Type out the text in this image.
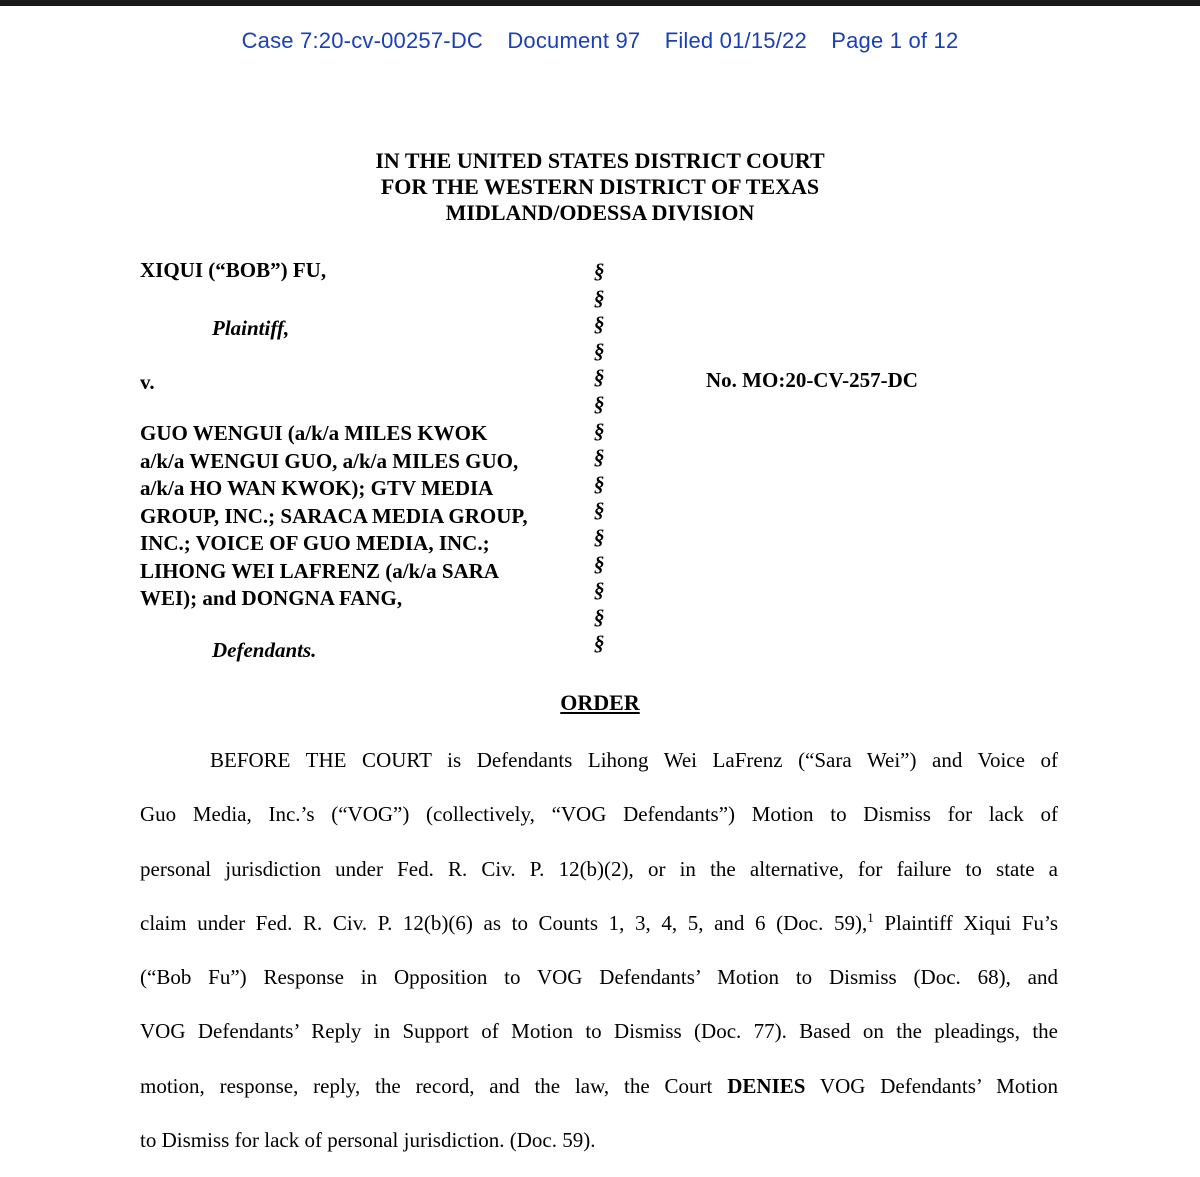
Case 7:20-cv-00257-DC Document 97 Filed 01/15/22 Page 1 of 12
IN THE UNITED STATES DISTRICT COURT
FOR THE WESTERN DISTRICT OF TEXAS
MIDLAND/ODESSA DIVISION
XIQUI (“BOB”) FU,
Plaintiff,
v.
GUO WENGUI (a/k/a MILES KWOK
a/k/a WENGUI GUO, a/k/a MILES GUO,
a/k/a HO WAN KWOK); GTV MEDIA
GROUP, INC.; SARACA MEDIA GROUP,
INC.; VOICE OF GUO MEDIA, INC.;
LIHONG WEI LAFRENZ (a/k/a SARA
WEI); and DONGNA FANG,
Defendants.
§
§
§
§
§
§
§
§
§
§
§
§
§
§
§
No. MO:20-CV-257-DC
ORDER
BEFORE THE COURT is Defendants Lihong Wei LaFrenz (“Sara Wei”) and Voice of
Guo Media, Inc.’s (“VOG”) (collectively, “VOG Defendants”) Motion to Dismiss for lack of
personal jurisdiction under Fed. R. Civ. P. 12(b)(2), or in the alternative, for failure to state a
claim under Fed. R. Civ. P. 12(b)(6) as to Counts 1, 3, 4, 5, and 6 (Doc. 59),$^1$ Plaintiff Xiqui Fu’s
(“Bob Fu”) Response in Opposition to VOG Defendants’ Motion to Dismiss (Doc. 68), and
VOG Defendants’ Reply in Support of Motion to Dismiss (Doc. 77). Based on the pleadings, the
motion, response, reply, the record, and the law, the Court DENIES VOG Defendants’ Motion
to Dismiss for lack of personal jurisdiction. (Doc. 59).
